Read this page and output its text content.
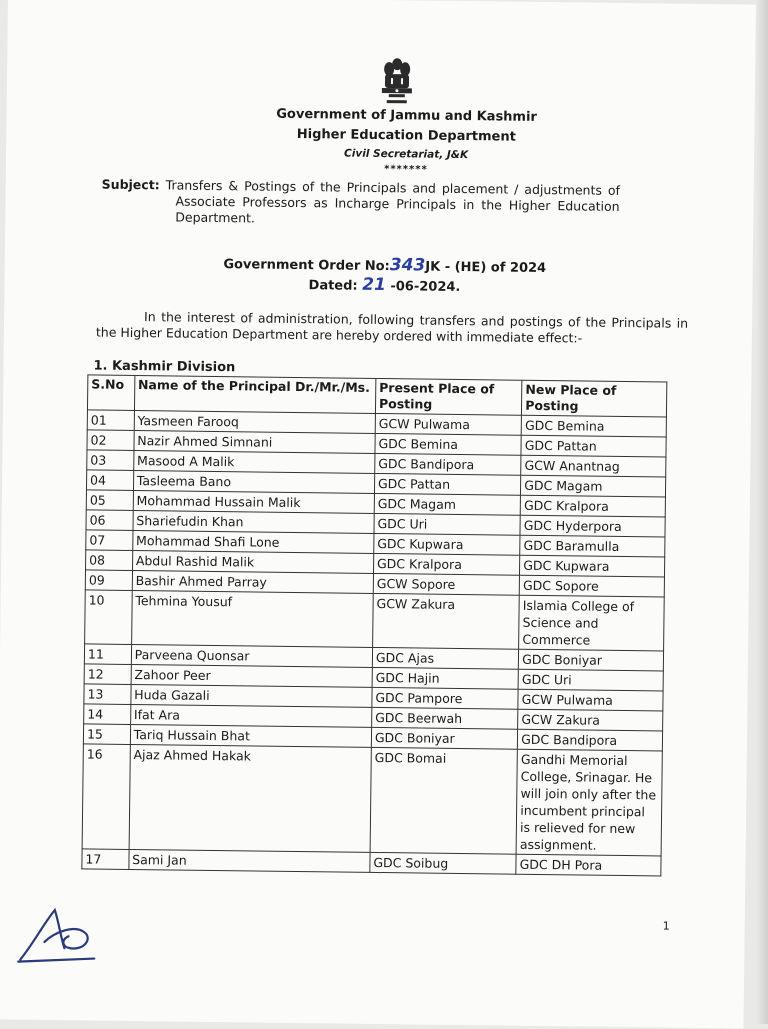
Government of Jammu and Kashmir
Higher Education Department
Civil Secretariat, J&K
*******
Subject: Transfers & Postings of the Principals and placement / adjustments of
Associate Professors as Incharge Principals in the Higher Education Department.
Government Order No:343JK - (HE) of 2024
Dated: 21 -06-2024.
In the interest of administration, following transfers and postings of the Principals in the Higher Education Department are hereby ordered with immediate effect:-
1. Kashmir Division
S.No	Name of the Principal Dr./Mr./Ms.	Present Place of Posting	New Place of Posting
01	Yasmeen Farooq	GCW Pulwama	GDC Bemina
02	Nazir Ahmed Simnani	GDC Bemina	GDC Pattan
03	Masood A Malik	GDC Bandipora	GCW Anantnag
04	Tasleema Bano	GDC Pattan	GDC Magam
05	Mohammad Hussain Malik	GDC Magam	GDC Kralpora
06	Shariefudin Khan	GDC Uri	GDC Hyderpora
07	Mohammad Shafi Lone	GDC Kupwara	GDC Baramulla
08	Abdul Rashid Malik	GDC Kralpora	GDC Kupwara
09	Bashir Ahmed Parray	GCW Sopore	GDC Sopore
10	Tehmina Yousuf	GCW Zakura	Islamia College of Science and Commerce
11	Parveena Quonsar	GDC Ajas	GDC Boniyar
12	Zahoor Peer	GDC Hajin	GDC Uri
13	Huda Gazali	GDC Pampore	GCW Pulwama
14	Ifat Ara	GDC Beerwah	GCW Zakura
15	Tariq Hussain Bhat	GDC Boniyar	GDC Bandipora
16	Ajaz Ahmed Hakak	GDC Bomai	Gandhi Memorial College, Srinagar. He will join only after the incumbent principal is relieved for new assignment.
17	Sami Jan	GDC Soibug	GDC DH Pora
1
